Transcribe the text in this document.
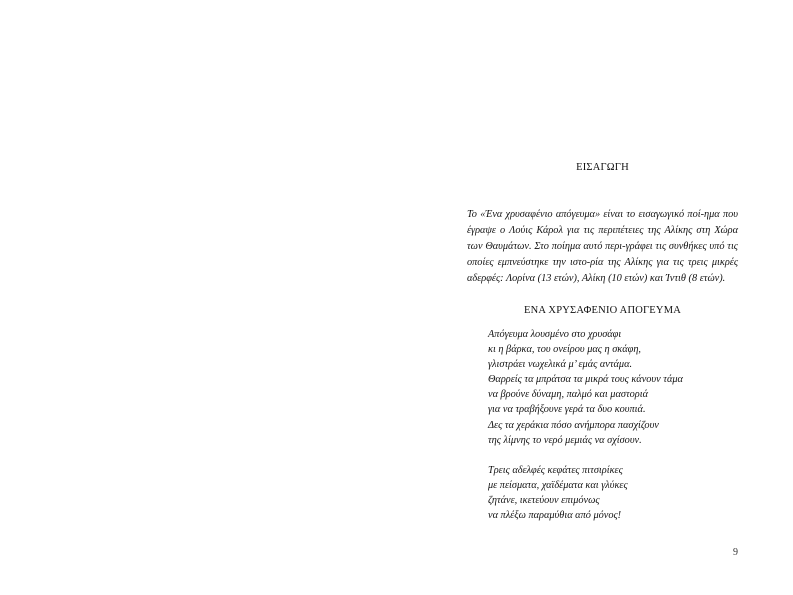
ΕΙΣΑΓΩΓΗ

Το «Ένα χρυσαφένιο απόγευμα» είναι το εισαγωγικό ποί-ημα που έγραψε ο Λούις Κάρολ για τις περιπέτειες της Αλίκης στη Χώρα των Θαυμάτων. Στο ποίημα αυτό περι-γράφει τις συνθήκες υπό τις οποίες εμπνεύστηκε την ιστο-ρία της Αλίκης για τις τρεις μικρές αδερφές: Λορίνα (13 ετών), Αλίκη (10 ετών) και Ίντιθ (8 ετών).

ΕΝΑ ΧΡΥΣΑΦΕΝΙΟ ΑΠΟΓΕΥΜΑ
Απόγευμα λουσμένο στο χρυσάφι
κι η βάρκα, του ονείρου μας η σκάφη,
γλιστράει νωχελικά μ’ εμάς αντάμα.
Θαρρείς τα μπράτσα τα μικρά τους κάνουν τάμα
να βρούνε δύναμη, παλμό και μαστοριά
για να τραβήξουνε γερά τα δυο κουπιά.
Δες τα χεράκια πόσο ανήμπορα πασχίζουν
της λίμνης το νερό μεμιάς να σχίσουν.
Τρεις αδελφές κεφάτες πιτσιρίκες
με πείσματα, χαϊδέματα και γλύκες
ζητάνε, ικετεύουν επιμόνως
να πλέξω παραμύθια από μόνος!
9
